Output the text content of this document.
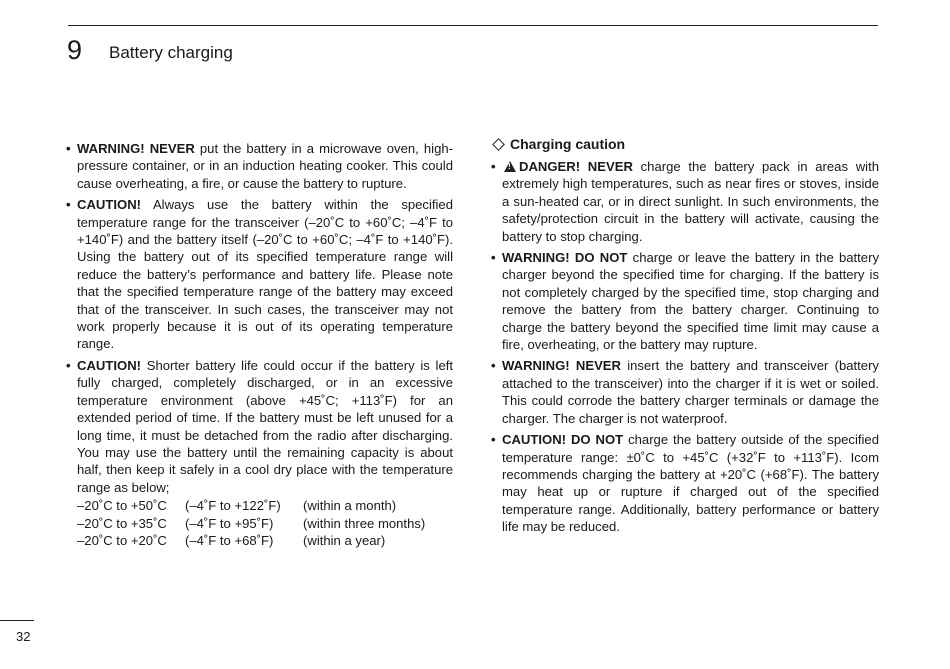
9 Battery charging
• WARNING! NEVER put the battery in a microwave oven, high-pressure container, or in an induction heating cooker. This could cause overheating, a fire, or cause the battery to rupture.
• CAUTION! Always use the battery within the specified temperature range for the transceiver (–20˚C to +60˚C; –4˚F to +140˚F) and the battery itself (–20˚C to +60˚C; –4˚F to +140˚F). Using the battery out of its specified temperature range will reduce the battery’s performance and battery life. Please note that the specified temperature range of the battery may exceed that of the transceiver. In such cases, the transceiver may not work properly because it is out of its operating temperature range.
• CAUTION! Shorter battery life could occur if the battery is left fully charged, completely discharged, or in an excessive temperature environment (above +45˚C; +113˚F) for an extended period of time. If the battery must be left unused for a long time, it must be detached from the radio after discharging. You may use the battery until the remaining capacity is about half, then keep it safely in a cool dry place with the temperature range as below;
–20˚C to +50˚C	(–4˚F to +122˚F)	(within a month)
–20˚C to +35˚C	(–4˚F to +95˚F)	(within three months)
–20˚C to +20˚C	(–4˚F to +68˚F)	(within a year)
Charging caution
• ! DANGER! NEVER charge the battery pack in areas with extremely high temperatures, such as near fires or stoves, inside a sun-heated car, or in direct sunlight. In such environments, the safety/protection circuit in the battery will activate, causing the battery to stop charging.
• WARNING! DO NOT charge or leave the battery in the battery charger beyond the specified time for charging. If the battery is not completely charged by the specified time, stop charging and remove the battery from the battery charger. Continuing to charge the battery beyond the specified time limit may cause a fire, overheating, or the battery may rupture.
• WARNING! NEVER insert the battery and transceiver (battery attached to the transceiver) into the charger if it is wet or soiled. This could corrode the battery charger terminals or damage the charger. The charger is not waterproof.
• CAUTION! DO NOT charge the battery outside of the specified temperature range: ±0˚C to +45˚C (+32˚F to +113˚F). Icom recommends charging the battery at +20˚C (+68˚F). The battery may heat up or rupture if charged out of the specified temperature range. Additionally, battery performance or battery life may be reduced.
32
